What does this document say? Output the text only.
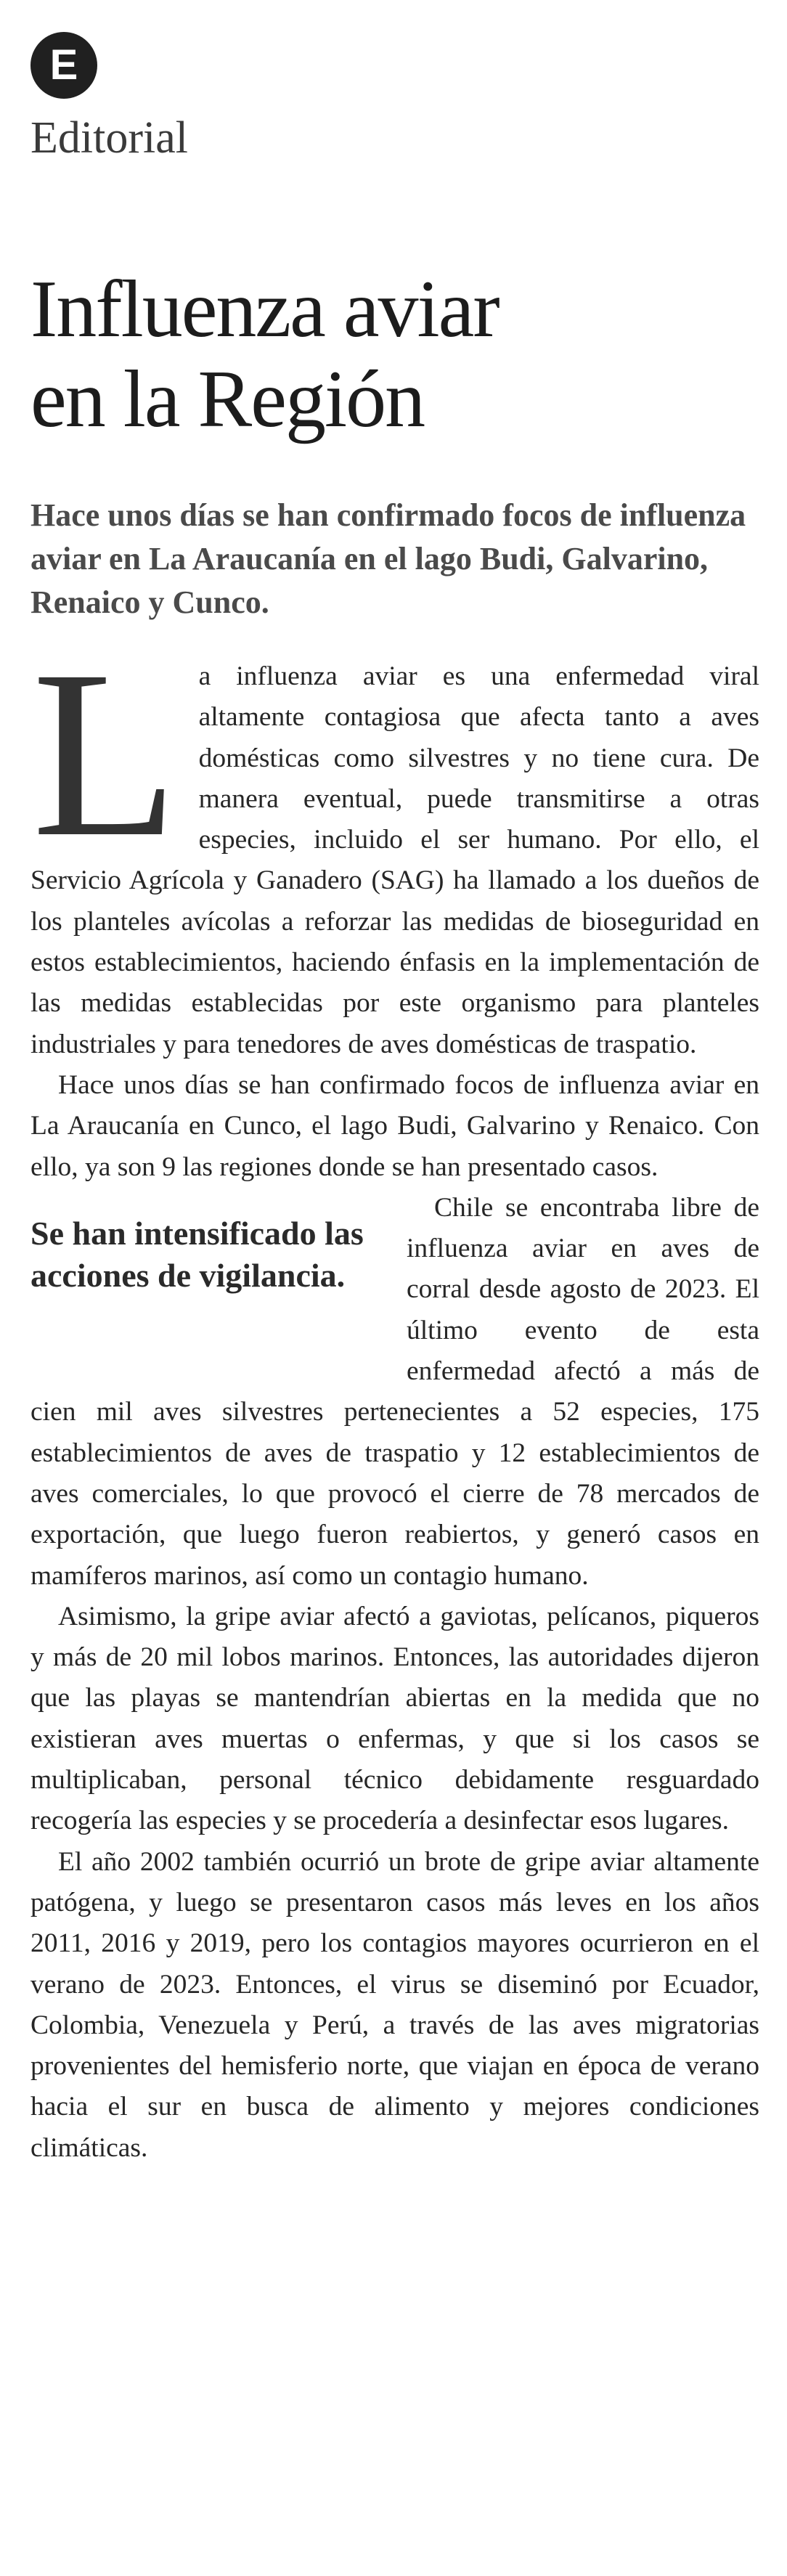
E
Editorial
Influenza aviar
en la Región

Hace unos días se han confirmado focos de influenza aviar en La Araucanía en el lago Budi, Galvarino, Renaico y Cunco.

La influenza aviar es una enfermedad viral altamente contagiosa que afecta tanto a aves domésticas como silvestres y no tiene cura. De manera eventual, puede transmitirse a otras especies, incluido el ser humano. Por ello, el Servicio Agrícola y Ganadero (SAG) ha llamado a los dueños de los planteles avícolas a reforzar las medidas de bioseguridad en estos establecimientos, haciendo énfasis en la implementación de las medidas establecidas por este organismo para planteles industriales y para tenedores de aves domésticas de traspatio.

Hace unos días se han confirmado focos de influenza aviar en La Araucanía en Cunco, el lago Budi, Galvarino y Renaico. Con ello, ya son 9 las regiones donde se han presentado casos.

Se han intensificado las acciones de vigilancia.
Chile se encontraba libre de influenza aviar en aves de corral desde agosto de 2023. El último evento de esta enfermedad afectó a más de cien mil aves silvestres pertenecientes a 52 especies, 175 establecimientos de aves de traspatio y 12 establecimientos de aves comerciales, lo que provocó el cierre de 78 mercados de exportación, que luego fueron reabiertos, y generó casos en mamíferos marinos, así como un contagio humano.

Asimismo, la gripe aviar afectó a gaviotas, pelícanos, piqueros y más de 20 mil lobos marinos. Entonces, las autoridades dijeron que las playas se mantendrían abiertas en la medida que no existieran aves muertas o enfermas, y que si los casos se multiplicaban, personal técnico debidamente resguardado recogería las especies y se procedería a desinfectar esos lugares.

El año 2002 también ocurrió un brote de gripe aviar altamente patógena, y luego se presentaron casos más leves en los años 2011, 2016 y 2019, pero los contagios mayores ocurrieron en el verano de 2023. Entonces, el virus se diseminó por Ecuador, Colombia, Venezuela y Perú, a través de las aves migratorias provenientes del hemisferio norte, que viajan en época de verano hacia el sur en busca de alimento y mejores condiciones climáticas.
